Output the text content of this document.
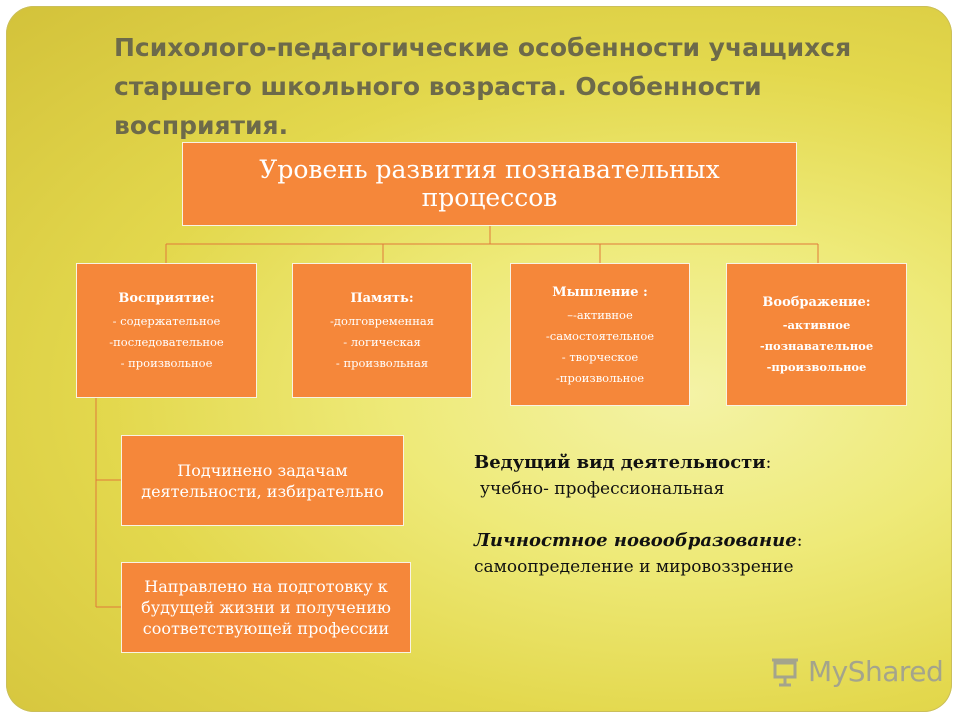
Психолого-педагогические особенности учащихся старшего школьного возраста. Особенности восприятия.
Уровень развития познавательных процессов
Восприятие:
- содержательное
-последовательное
- произвольное
Память:
-долговременная
- логическая
- произвольная
Мышление :
–-активное
-самостоятельное
- творческое
-произвольное
Воображение:
-активное
-познавательное
-произвольное
Подчинено задачам деятельности, избирательно
Направлено на подготовку к будущей жизни и получению соответствующей профессии
Ведущий вид деятельности:
учебно- профессиональная
Личностное новообразование:
самоопределение и мировоззрение
MyShared
